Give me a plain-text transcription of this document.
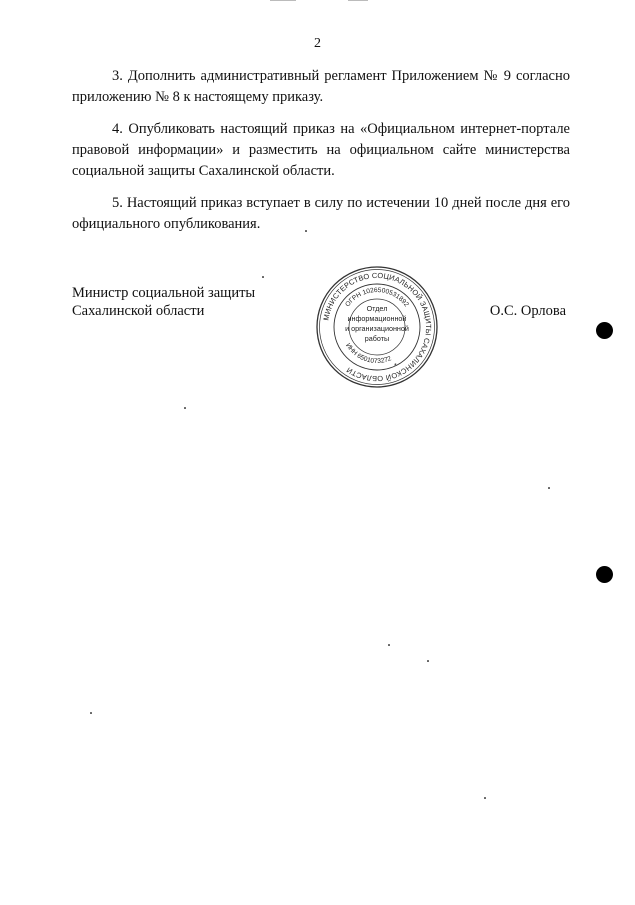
2

3. Дополнить административный регламент Приложением № 9 согласно приложению № 8 к настоящему приказу.

4. Опубликовать настоящий приказ на «Официальном интернет-портале правовой информации» и разместить на официальном сайте министерства социальной защиты Сахалинской области.

5. Настоящий приказ вступает в силу по истечении 10 дней после дня его официального опубликования.

Министр социальной защиты
Сахалинской области	МИНИСТЕРСТВО СОЦИАЛЬНОЙ ЗАЩИТЫ САХАЛИНСКОЙ ОБЛАСТИ
ОГРН 1026500531892
ИНН 6501073272
*
Отдел
информационной
и организационной
работы
О.С. Орлова
